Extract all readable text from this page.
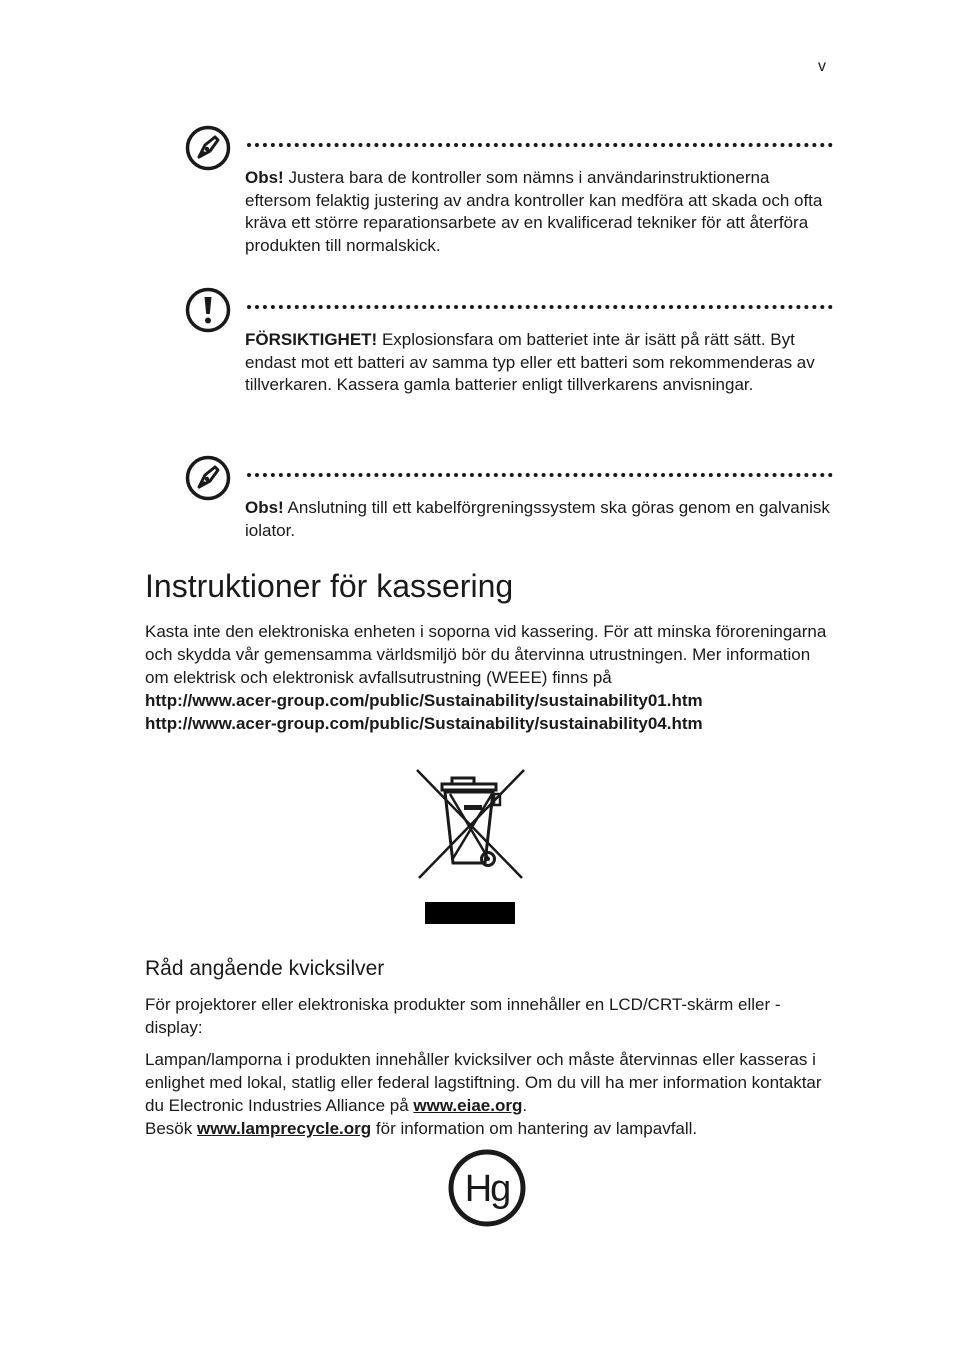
v
Obs! Justera bara de kontroller som nämns i användarinstruktionerna eftersom felaktig justering av andra kontroller kan medföra att skada och ofta kräva ett större reparationsarbete av en kvalificerad tekniker för att återföra produkten till normalskick.
FÖRSIKTIGHET! Explosionsfara om batteriet inte är isätt på rätt sätt. Byt endast mot ett batteri av samma typ eller ett batteri som rekommenderas av tillverkaren. Kassera gamla batterier enligt tillverkarens anvisningar.
Obs! Anslutning till ett kabelförgreningssystem ska göras genom en galvanisk iolator.
Instruktioner för kassering
Kasta inte den elektroniska enheten i soporna vid kassering. För att minska föroreningarna och skydda vår gemensamma världsmiljö bör du återvinna utrustningen. Mer information om elektrisk och elektronisk avfallsutrustning (WEEE) finns på
http://www.acer-group.com/public/Sustainability/sustainability01.htm
http://www.acer-group.com/public/Sustainability/sustainability04.htm
Råd angående kvicksilver

För projektorer eller elektroniska produkter som innehåller en LCD/CRT-skärm eller -display:

Lampan/lamporna i produkten innehåller kvicksilver och måste återvinnas eller kasseras i enlighet med lokal, statlig eller federal lagstiftning. Om du vill ha mer information kontaktar du Electronic Industries Alliance på www.eiae.org.
Besök www.lamprecycle.org för information om hantering av lampavfall.

Hg
